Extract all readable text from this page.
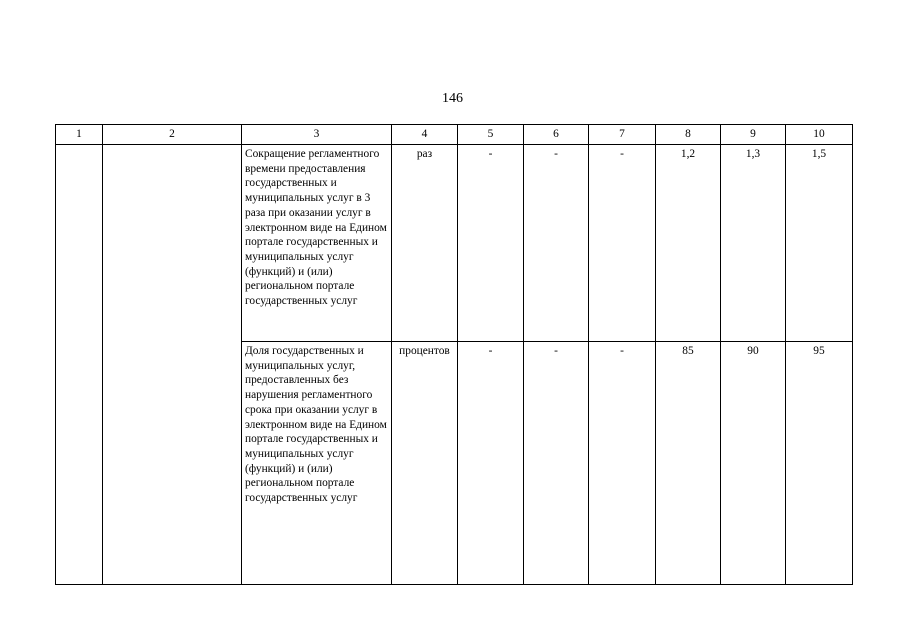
146
1	2	3	4	5	6	7	8	9	10
		Сокращение регламентного времени предоставления государственных и муниципальных услуг в 3 раза при оказании услуг в электронном виде на Едином портале государственных и муниципальных услуг (функций) и (или) региональном портале государственных услуг	раз	-	-	-	1,2	1,3	1,5
		Доля государственных и муниципальных услуг, предоставленных без нарушения регламентного срока при оказании услуг в электронном виде на Едином портале государственных и муниципальных услуг (функций) и (или) региональном портале государственных услуг	процентов	-	-	-	85	90	95
